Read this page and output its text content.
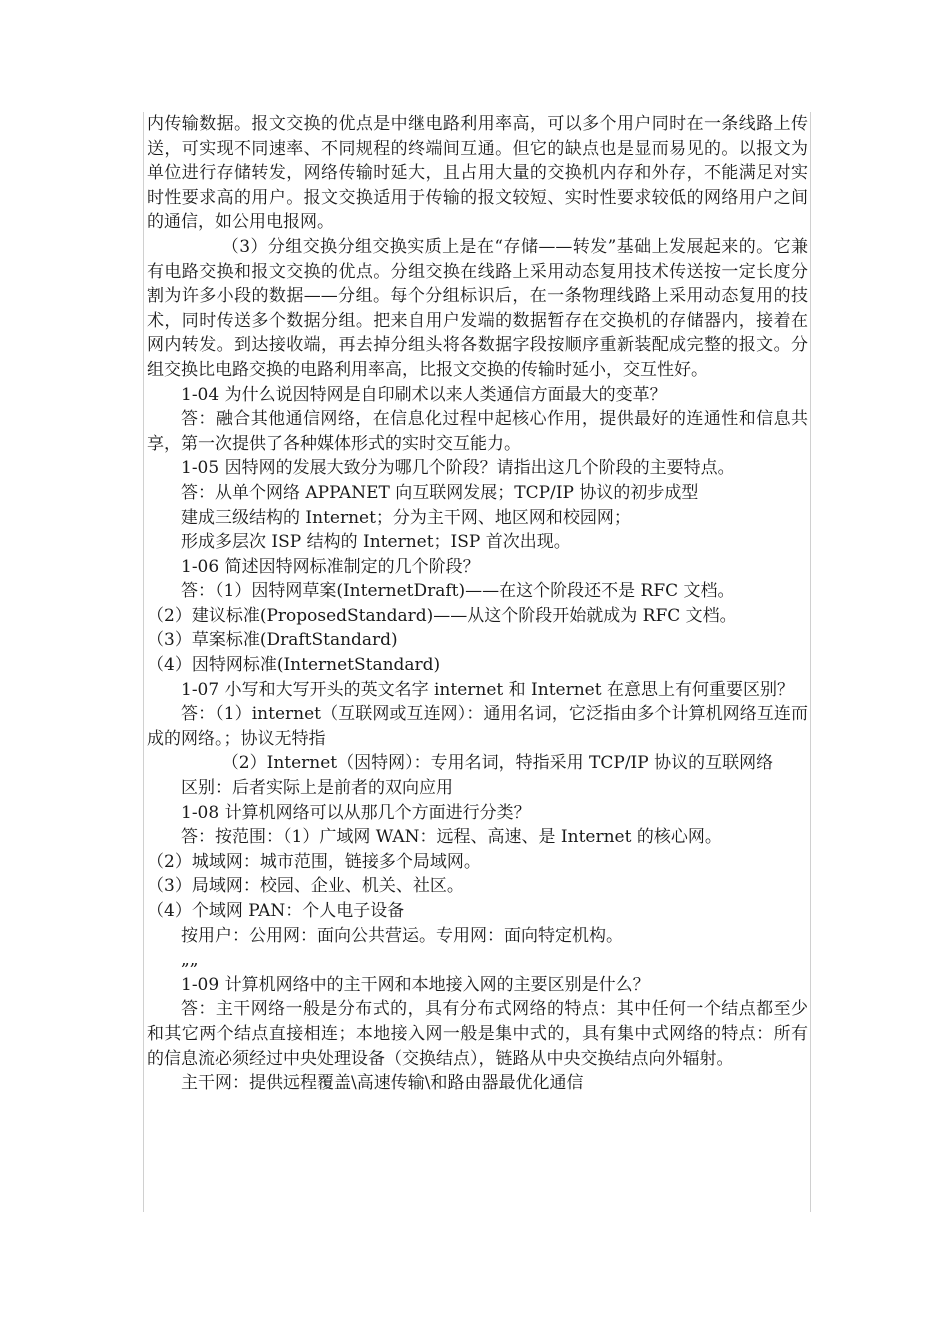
内传输数据。报文交换的优点是中继电路利用率高，可以多个用户同时在一条线路上传送，可实现不同速率、不同规程的终端间互通。但它的缺点也是显而易见的。以报文为单位进行存储转发，网络传输时延大，且占用大量的交换机内存和外存，不能满足对实时性要求高的用户。报文交换适用于传输的报文较短、实时性要求较低的网络用户之间的通信，如公用电报网。

（3）分组交换分组交换实质上是在“存储——转发”基础上发展起来的。它兼有电路交换和报文交换的优点。分组交换在线路上采用动态复用技术传送按一定长度分割为许多小段的数据——分组。每个分组标识后，在一条物理线路上采用动态复用的技术，同时传送多个数据分组。把来自用户发端的数据暂存在交换机的存储器内，接着在网内转发。到达接收端，再去掉分组头将各数据字段按顺序重新装配成完整的报文。分组交换比电路交换的电路利用率高，比报文交换的传输时延小，交互性好。

1-04 为什么说因特网是自印刷术以来人类通信方面最大的变革？

答：融合其他通信网络，在信息化过程中起核心作用，提供最好的连通性和信息共享，第一次提供了各种媒体形式的实时交互能力。

1-05 因特网的发展大致分为哪几个阶段？请指出这几个阶段的主要特点。

答：从单个网络 APPANET 向互联网发展；TCP/IP 协议的初步成型

建成三级结构的 Internet；分为主干网、地区网和校园网；

形成多层次 ISP 结构的 Internet；ISP 首次出现。

1-06 简述因特网标准制定的几个阶段？

答：（1）因特网草案(InternetDraft)——在这个阶段还不是 RFC 文档。

（2）建议标准(ProposedStandard)——从这个阶段开始就成为 RFC 文档。

（3）草案标准(DraftStandard)

（4）因特网标准(InternetStandard)

1-07 小写和大写开头的英文名字 internet 和 Internet 在意思上有何重要区别？

答：（1）internet（互联网或互连网）：通用名词，它泛指由多个计算机网络互连而成的网络。；协议无特指

（2）Internet（因特网）：专用名词，特指采用 TCP/IP 协议的互联网络

区别：后者实际上是前者的双向应用

1-08 计算机网络可以从那几个方面进行分类？

答：按范围：（1）广域网 WAN：远程、高速、是 Internet 的核心网。

（2）城域网：城市范围，链接多个局域网。

（3）局域网：校园、企业、机关、社区。

（4）个域网 PAN：个人电子设备

按用户：公用网：面向公共营运。专用网：面向特定机构。

„„

1-09 计算机网络中的主干网和本地接入网的主要区别是什么？

答：主干网络一般是分布式的，具有分布式网络的特点：其中任何一个结点都至少和其它两个结点直接相连；本地接入网一般是集中式的，具有集中式网络的特点：所有的信息流必须经过中央处理设备（交换结点），链路从中央交换结点向外辐射。

主干网：提供远程覆盖\高速传输\和路由器最优化通信
